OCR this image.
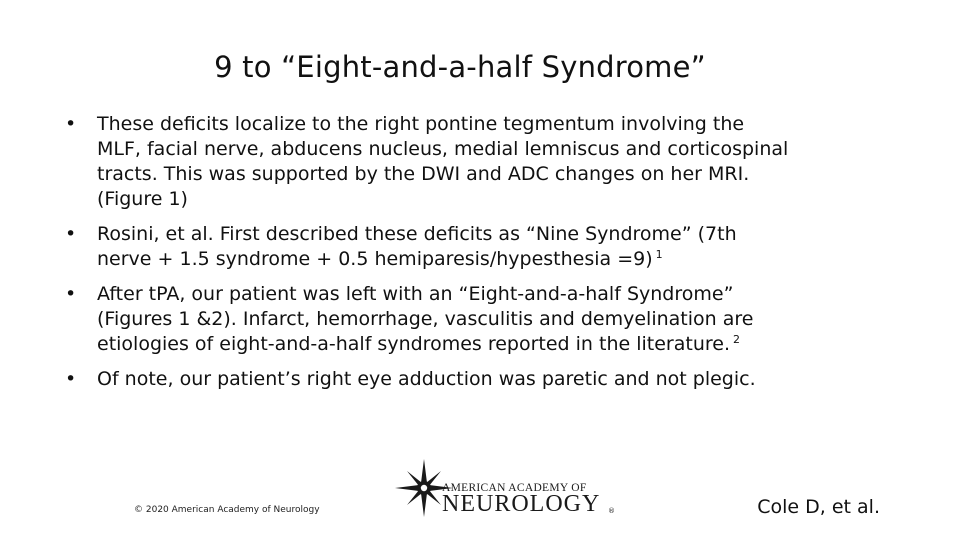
9 to “Eight-and-a-half Syndrome”
• These deficits localize to the right pontine tegmentum involving the MLF, facial nerve, abducens nucleus, medial lemniscus and corticospinal tracts. This was supported by the DWI and ADC changes on her MRI. (Figure 1)
• Rosini, et al. First described these deficits as “Nine Syndrome” (7th nerve + 1.5 syndrome + 0.5 hemiparesis/hypesthesia =9) $^1$
• After tPA, our patient was left with an “Eight-and-a-half Syndrome” (Figures 1 &2). Infarct, hemorrhage, vasculitis and demyelination are etiologies of eight-and-a-half syndromes reported in the literature. $^2$
• Of note, our patient’s right eye adduction was paretic and not plegic.
© 2020 American Academy of Neurology
AMERICAN ACADEMY OF
NEUROLOGY ®	Cole D, et al.
